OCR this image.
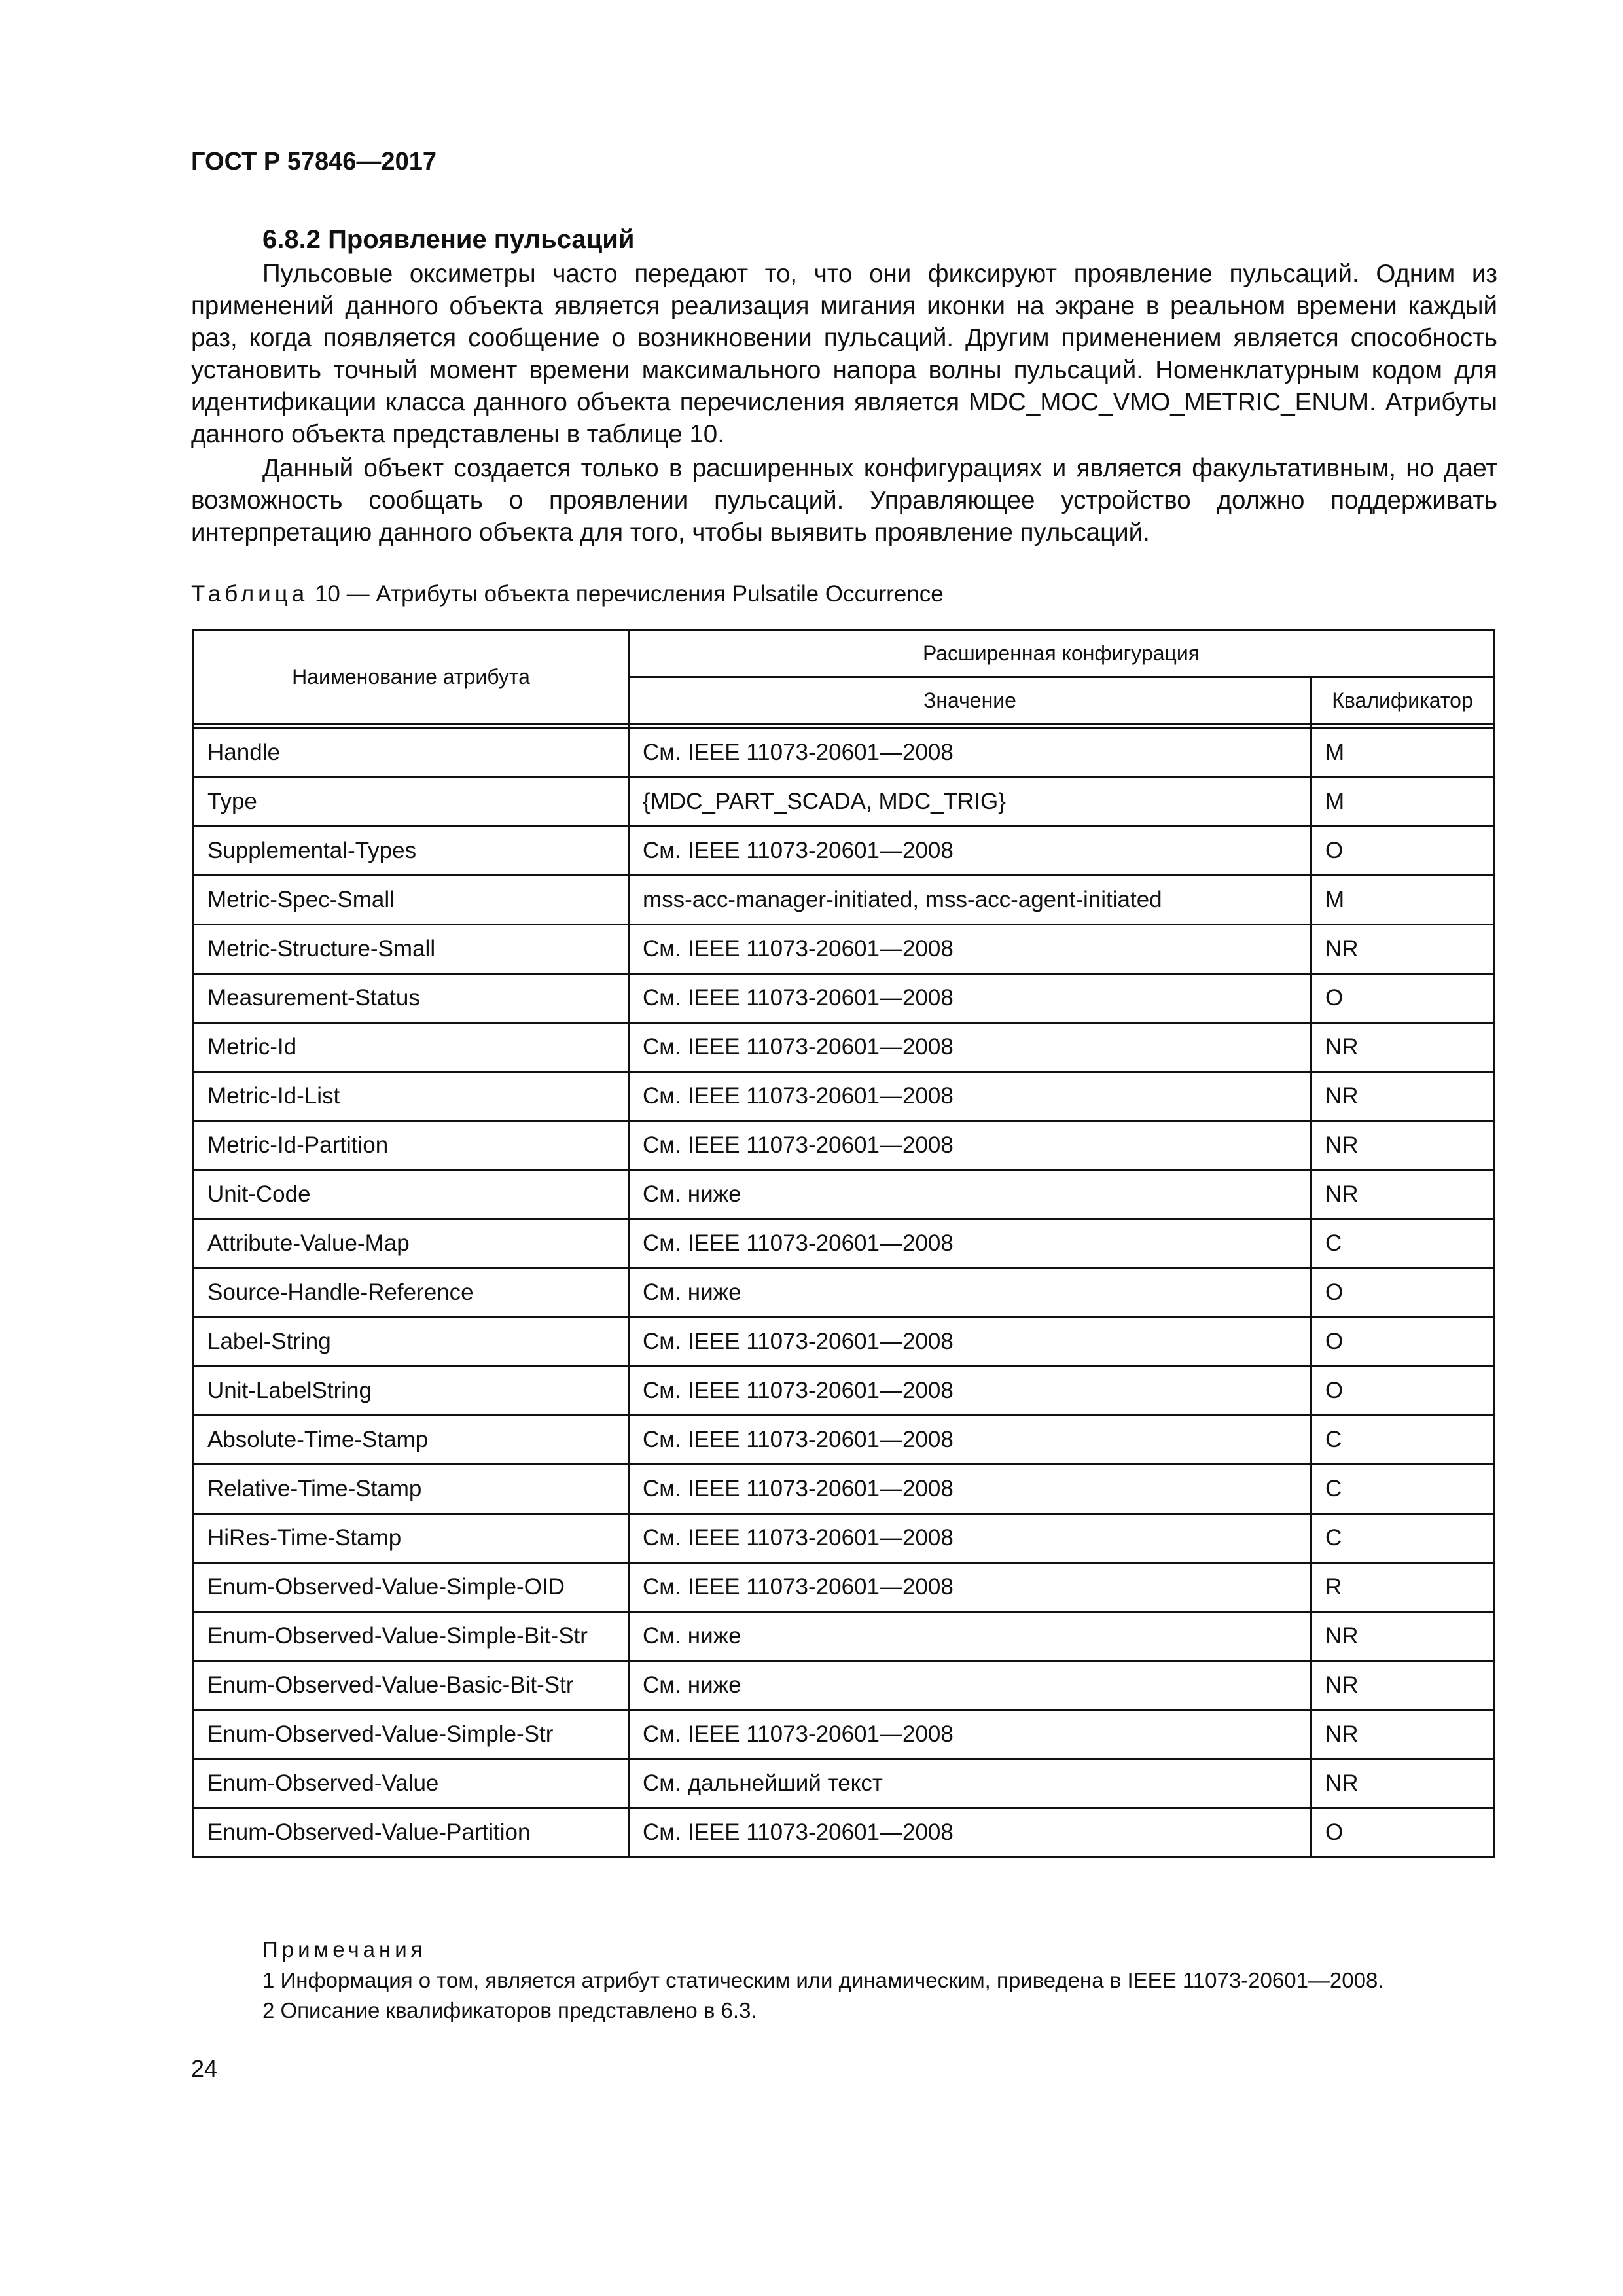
ГОСТ Р 57846—2017
6.8.2 Проявление пульсаций
Пульсовые оксиметры часто передают то, что они фиксируют проявление пульсаций. Одним из применений данного объекта является реализация мигания иконки на экране в реальном времени каждый раз, когда появляется сообщение о возникновении пульсаций. Другим применением является способность установить точный момент времени максимального напора волны пульсаций. Номенклатурным кодом для идентификации класса данного объекта перечисления является MDC_MOC_VMO_METRIC_ENUM. Атрибуты данного объекта представлены в таблице 10.
Данный объект создается только в расширенных конфигурациях и является факультативным, но дает возможность сообщать о проявлении пульсаций. Управляющее устройство должно поддерживать интерпретацию данного объекта для того, чтобы выявить проявление пульсаций.
Таблица 10 — Атрибуты объекта перечисления Pulsatile Occurrence
Наименование атрибута	Расширенная конфигурация	
	Значение	Квалификатор

Handle	См. IEEE 11073-20601—2008	M
Type	{MDC_PART_SCADA, MDC_TRIG}	M
Supplemental-Types	См. IEEE 11073-20601—2008	O
Metric-Spec-Small	mss-acc-manager-initiated, mss-acc-agent-initiated	M
Metric-Structure-Small	См. IEEE 11073-20601—2008	NR
Measurement-Status	См. IEEE 11073-20601—2008	O
Metric-Id	См. IEEE 11073-20601—2008	NR
Metric-Id-List	См. IEEE 11073-20601—2008	NR
Metric-Id-Partition	См. IEEE 11073-20601—2008	NR
Unit-Code	См. ниже	NR
Attribute-Value-Map	См. IEEE 11073-20601—2008	C
Source-Handle-Reference	См. ниже	O
Label-String	См. IEEE 11073-20601—2008	O
Unit-LabelString	См. IEEE 11073-20601—2008	O
Absolute-Time-Stamp	См. IEEE 11073-20601—2008	C
Relative-Time-Stamp	См. IEEE 11073-20601—2008	C
HiRes-Time-Stamp	См. IEEE 11073-20601—2008	C
Enum-Observed-Value-Simple-OID	См. IEEE 11073-20601—2008	R
Enum-Observed-Value-Simple-Bit-Str	См. ниже	NR
Enum-Observed-Value-Basic-Bit-Str	См. ниже	NR
Enum-Observed-Value-Simple-Str	См. IEEE 11073-20601—2008	NR
Enum-Observed-Value	См. дальнейший текст	NR
Enum-Observed-Value-Partition	См. IEEE 11073-20601—2008	O
Примечания
1 Информация о том, является атрибут статическим или динамическим, приведена в IEEE 11073-20601—2008.
2 Описание квалификаторов представлено в 6.3.
24
